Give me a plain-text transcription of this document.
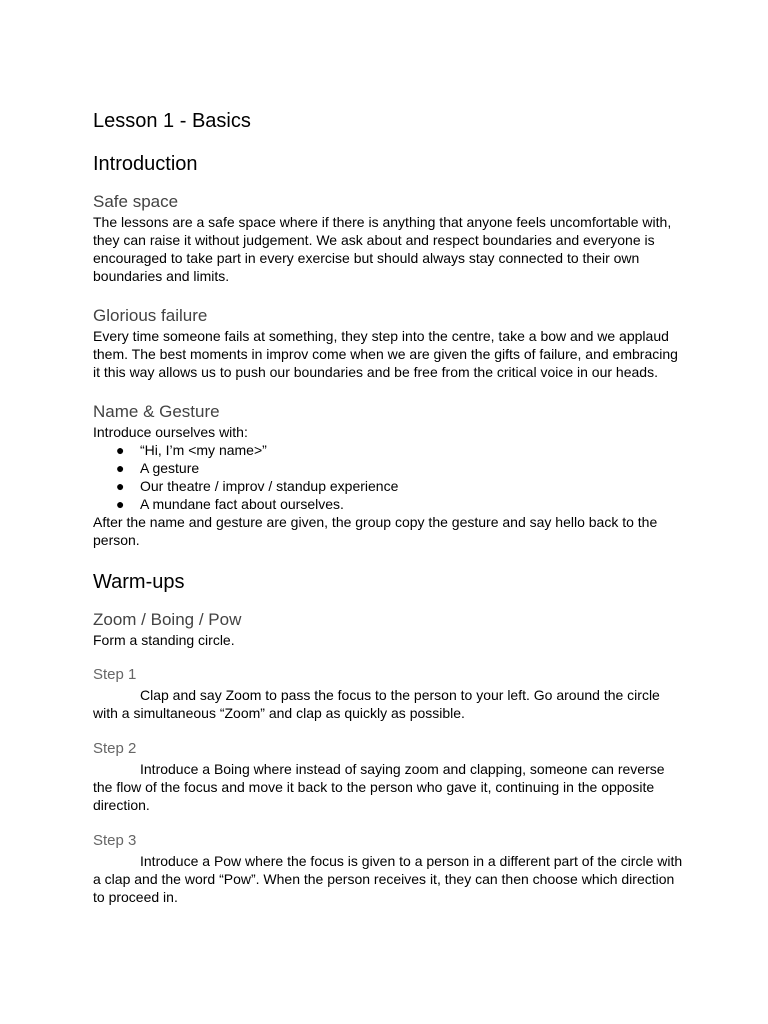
Lesson 1 - Basics
Introduction
Safe space
The lessons are a safe space where if there is anything that anyone feels uncomfortable with, they can raise it without judgement. We ask about and respect boundaries and everyone is encouraged to take part in every exercise but should always stay connected to their own boundaries and limits.
Glorious failure
Every time someone fails at something, they step into the centre, take a bow and we applaud them. The best moments in improv come when we are given the gifts of failure, and embracing it this way allows us to push our boundaries and be free from the critical voice in our heads.
Name & Gesture
Introduce ourselves with:
● “Hi, I’m <my name>”
● A gesture
● Our theatre / improv / standup experience
● A mundane fact about ourselves.
After the name and gesture are given, the group copy the gesture and say hello back to the person.
Warm-ups
Zoom / Boing / Pow
Form a standing circle.
Step 1
Clap and say Zoom to pass the focus to the person to your left. Go around the circle with a simultaneous “Zoom” and clap as quickly as possible.
Step 2
Introduce a Boing where instead of saying zoom and clapping, someone can reverse the flow of the focus and move it back to the person who gave it, continuing in the opposite direction.
Step 3
Introduce a Pow where the focus is given to a person in a different part of the circle with a clap and the word “Pow”. When the person receives it, they can then choose which direction to proceed in.
